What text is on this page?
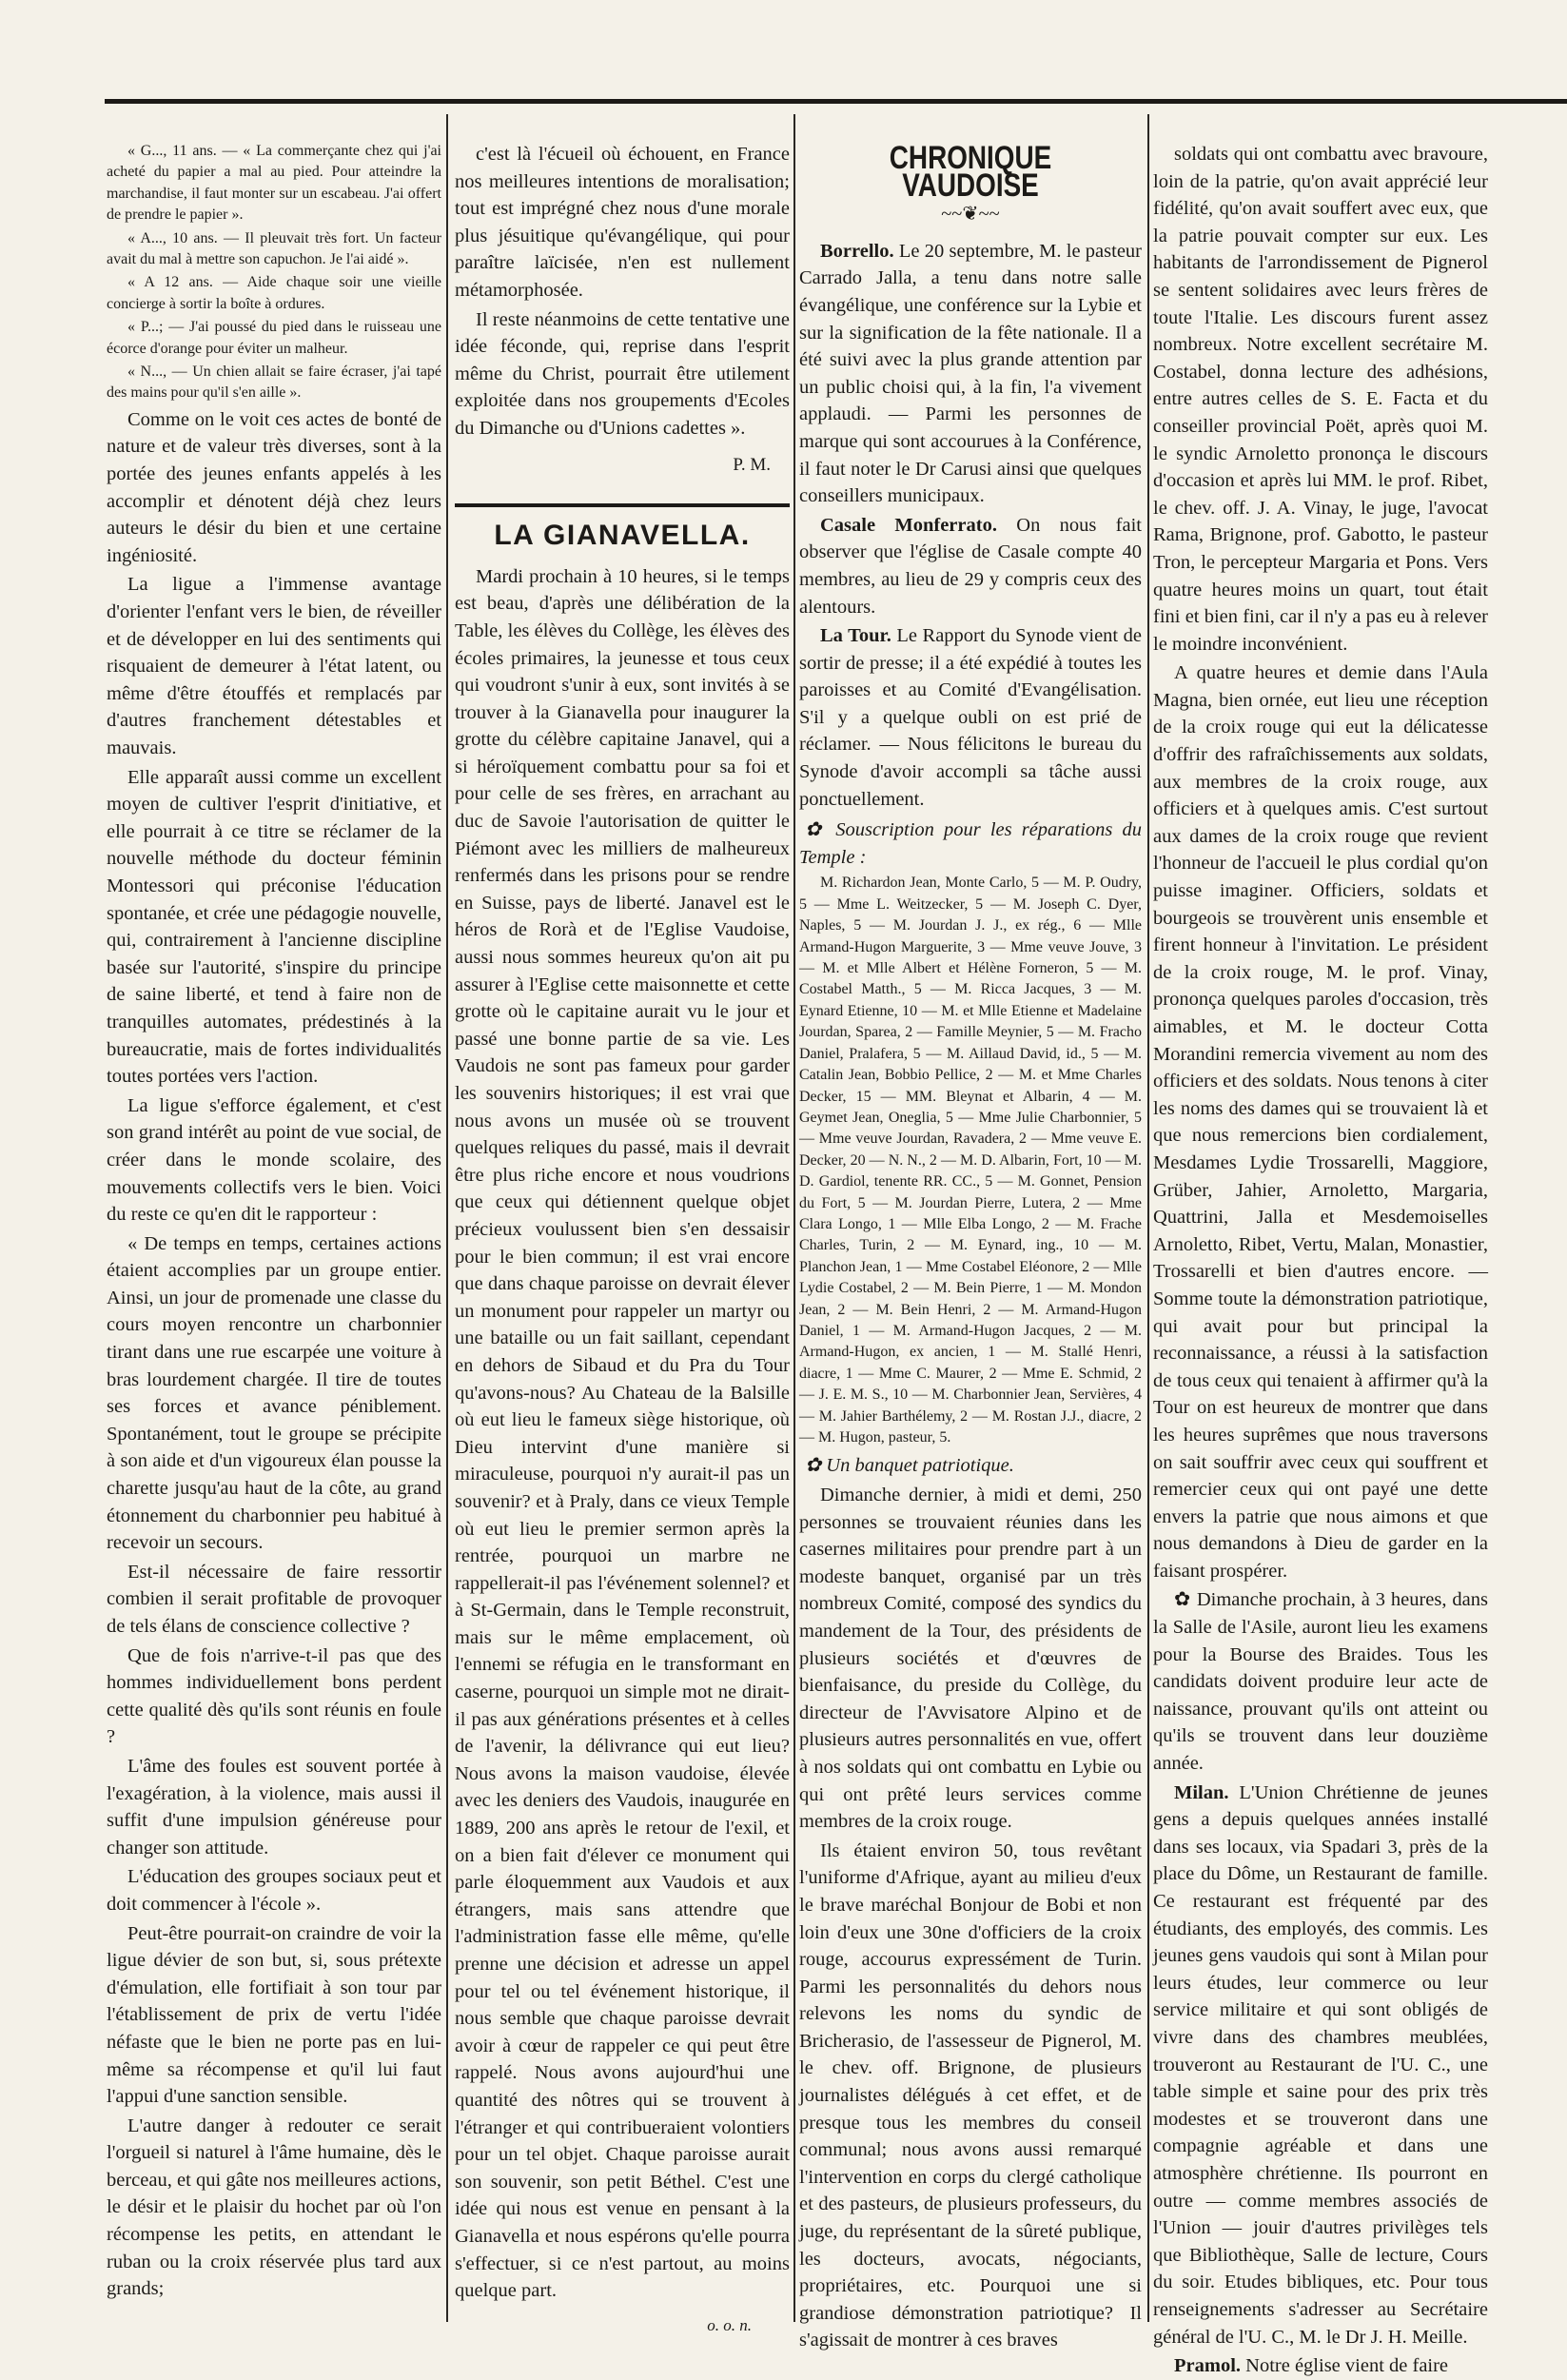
« G..., 11 ans. — « La commerçante chez qui j'ai acheté du papier a mal au pied. Pour atteindre la marchandise, il faut monter sur un escabeau. J'ai offert de prendre le papier ».

« A..., 10 ans. — Il pleuvait très fort. Un facteur avait du mal à mettre son capuchon. Je l'ai aidé ».

« A 12 ans. — Aide chaque soir une vieille concierge à sortir la boîte à ordures.

« P...; — J'ai poussé du pied dans le ruisseau une écorce d'orange pour éviter un malheur.

« N..., — Un chien allait se faire écraser, j'ai tapé des mains pour qu'il s'en aille ».

Comme on le voit ces actes de bonté de nature et de valeur très diverses, sont à la portée des jeunes enfants appelés à les accomplir et dénotent déjà chez leurs auteurs le désir du bien et une certaine ingéniosité.

La ligue a l'immense avantage d'orienter l'enfant vers le bien, de réveiller et de développer en lui des sentiments qui risquaient de demeurer à l'état latent, ou même d'être étouffés et remplacés par d'autres franchement détestables et mauvais.

Elle apparaît aussi comme un excellent moyen de cultiver l'esprit d'initiative, et elle pourrait à ce titre se réclamer de la nouvelle méthode du docteur féminin Montessori qui préconise l'éducation spontanée, et crée une pédagogie nouvelle, qui, contrairement à l'ancienne discipline basée sur l'autorité, s'inspire du principe de saine liberté, et tend à faire non de tranquilles automates, prédestinés à la bureaucratie, mais de fortes individualités toutes portées vers l'action.

La ligue s'efforce également, et c'est son grand intérêt au point de vue social, de créer dans le monde scolaire, des mouvements collectifs vers le bien. Voici du reste ce qu'en dit le rapporteur :

« De temps en temps, certaines actions étaient accomplies par un groupe entier. Ainsi, un jour de promenade une classe du cours moyen rencontre un charbonnier tirant dans une rue escarpée une voiture à bras lourdement chargée. Il tire de toutes ses forces et avance péniblement. Spontanément, tout le groupe se précipite à son aide et d'un vigoureux élan pousse la charette jusqu'au haut de la côte, au grand étonnement du charbonnier peu habitué à recevoir un secours.

Est-il nécessaire de faire ressortir combien il serait profitable de provoquer de tels élans de conscience collective ?

Que de fois n'arrive-t-il pas que des hommes individuellement bons perdent cette qualité dès qu'ils sont réunis en foule ?

L'âme des foules est souvent portée à l'exagération, à la violence, mais aussi il suffit d'une impulsion généreuse pour changer son attitude.

L'éducation des groupes sociaux peut et doit commencer à l'école ».

Peut-être pourrait-on craindre de voir la ligue dévier de son but, si, sous prétexte d'émulation, elle fortifiait à son tour par l'établissement de prix de vertu l'idée néfaste que le bien ne porte pas en lui-même sa récompense et qu'il lui faut l'appui d'une sanction sensible.

L'autre danger à redouter ce serait l'orgueil si naturel à l'âme humaine, dès le berceau, et qui gâte nos meilleures actions, le désir et le plaisir du hochet par où l'on récompense les petits, en attendant le ruban ou la croix réservée plus tard aux grands;

c'est là l'écueil où échouent, en France nos meilleures intentions de moralisation; tout est imprégné chez nous d'une morale plus jésuitique qu'évangélique, qui pour paraître laïcisée, n'en est nullement métamorphosée.

Il reste néanmoins de cette tentative une idée féconde, qui, reprise dans l'esprit même du Christ, pourrait être utilement exploitée dans nos groupements d'Ecoles du Dimanche ou d'Unions cadettes ».

P. M.

LA GIANAVELLA.

Mardi prochain à 10 heures, si le temps est beau, d'après une délibération de la Table, les élèves du Collège, les élèves des écoles primaires, la jeunesse et tous ceux qui voudront s'unir à eux, sont invités à se trouver à la Gianavella pour inaugurer la grotte du célèbre capitaine Janavel, qui a si héroïquement combattu pour sa foi et pour celle de ses frères, en arrachant au duc de Savoie l'autorisation de quitter le Piémont avec les milliers de malheureux renfermés dans les prisons pour se rendre en Suisse, pays de liberté. Janavel est le héros de Rorà et de l'Eglise Vaudoise, aussi nous sommes heureux qu'on ait pu assurer à l'Eglise cette maisonnette et cette grotte où le capitaine aurait vu le jour et passé une bonne partie de sa vie. Les Vaudois ne sont pas fameux pour garder les souvenirs historiques; il est vrai que nous avons un musée où se trouvent quelques reliques du passé, mais il devrait être plus riche encore et nous voudrions que ceux qui détiennent quelque objet précieux voulussent bien s'en dessaisir pour le bien commun; il est vrai encore que dans chaque paroisse on devrait élever un monument pour rappeler un martyr ou une bataille ou un fait saillant, cependant en dehors de Sibaud et du Pra du Tour qu'avons-nous? Au Chateau de la Balsille où eut lieu le fameux siège historique, où Dieu intervint d'une manière si miraculeuse, pourquoi n'y aurait-il pas un souvenir? et à Praly, dans ce vieux Temple où eut lieu le premier sermon après la rentrée, pourquoi un marbre ne rappellerait-il pas l'événement solennel? et à St-Germain, dans le Temple reconstruit, mais sur le même emplacement, où l'ennemi se réfugia en le transformant en caserne, pourquoi un simple mot ne dirait-il pas aux générations présentes et à celles de l'avenir, la délivrance qui eut lieu? Nous avons la maison vaudoise, élevée avec les deniers des Vaudois, inaugurée en 1889, 200 ans après le retour de l'exil, et on a bien fait d'élever ce monument qui parle éloquemment aux Vaudois et aux étrangers, mais sans attendre que l'administration fasse elle même, qu'elle prenne une décision et adresse un appel pour tel ou tel événement historique, il nous semble que chaque paroisse devrait avoir à cœur de rappeler ce qui peut être rappelé. Nous avons aujourd'hui une quantité des nôtres qui se trouvent à l'étranger et qui contribueraient volontiers pour un tel objet. Chaque paroisse aurait son souvenir, son petit Béthel. C'est une idée qui nous est venue en pensant à la Gianavella et nous espérons qu'elle pourra s'effectuer, si ce n'est partout, au moins quelque part.

o. o. n.

CHRONIQUE VAUDOISE
~~❦~~

Borrello. Le 20 septembre, M. le pasteur Carrado Jalla, a tenu dans notre salle évangélique, une conférence sur la Lybie et sur la signification de la fête nationale. Il a été suivi avec la plus grande attention par un public choisi qui, à la fin, l'a vivement applaudi. — Parmi les personnes de marque qui sont accourues à la Conférence, il faut noter le Dr Carusi ainsi que quelques conseillers municipaux.

Casale Monferrato. On nous fait observer que l'église de Casale compte 40 membres, au lieu de 29 y compris ceux des alentours.

La Tour. Le Rapport du Synode vient de sortir de presse; il a été expédié à toutes les paroisses et au Comité d'Evangélisation. S'il y a quelque oubli on est prié de réclamer. — Nous félicitons le bureau du Synode d'avoir accompli sa tâche aussi ponctuellement.

✿ Souscription pour les réparations du Temple :

M. Richardon Jean, Monte Carlo, 5 — M. P. Oudry, 5 — Mme L. Weitzecker, 5 — M. Joseph C. Dyer, Naples, 5 — M. Jourdan J. J., ex rég., 6 — Mlle Armand-Hugon Marguerite, 3 — Mme veuve Jouve, 3 — M. et Mlle Albert et Hélène Forneron, 5 — M. Costabel Matth., 5 — M. Ricca Jacques, 3 — M. Eynard Etienne, 10 — M. et Mlle Etienne et Madelaine Jourdan, Sparea, 2 — Famille Meynier, 5 — M. Fracho Daniel, Pralafera, 5 — M. Aillaud David, id., 5 — M. Catalin Jean, Bobbio Pellice, 2 — M. et Mme Charles Decker, 15 — MM. Bleynat et Albarin, 4 — M. Geymet Jean, Oneglia, 5 — Mme Julie Charbonnier, 5 — Mme veuve Jourdan, Ravadera, 2 — Mme veuve E. Decker, 20 — N. N., 2 — M. D. Albarin, Fort, 10 — M. D. Gardiol, tenente RR. CC., 5 — M. Gonnet, Pension du Fort, 5 — M. Jourdan Pierre, Lutera, 2 — Mme Clara Longo, 1 — Mlle Elba Longo, 2 — M. Frache Charles, Turin, 2 — M. Eynard, ing., 10 — M. Planchon Jean, 1 — Mme Costabel Eléonore, 2 — Mlle Lydie Costabel, 2 — M. Bein Pierre, 1 — M. Mondon Jean, 2 — M. Bein Henri, 2 — M. Armand-Hugon Daniel, 1 — M. Armand-Hugon Jacques, 2 — M. Armand-Hugon, ex ancien, 1 — M. Stallé Henri, diacre, 1 — Mme C. Maurer, 2 — Mme E. Schmid, 2 — J. E. M. S., 10 — M. Charbonnier Jean, Servières, 4 — M. Jahier Barthélemy, 2 — M. Rostan J.J., diacre, 2 — M. Hugon, pasteur, 5.

✿ Un banquet patriotique.

Dimanche dernier, à midi et demi, 250 personnes se trouvaient réunies dans les casernes militaires pour prendre part à un modeste banquet, organisé par un très nombreux Comité, composé des syndics du mandement de la Tour, des présidents de plusieurs sociétés et d'œuvres de bienfaisance, du preside du Collège, du directeur de l'Avvisatore Alpino et de plusieurs autres personnalités en vue, offert à nos soldats qui ont combattu en Lybie ou qui ont prêté leurs services comme membres de la croix rouge.

Ils étaient environ 50, tous revêtant l'uniforme d'Afrique, ayant au milieu d'eux le brave maréchal Bonjour de Bobi et non loin d'eux une 30ne d'officiers de la croix rouge, accourus expressément de Turin. Parmi les personnalités du dehors nous relevons les noms du syndic de Bricherasio, de l'assesseur de Pignerol, M. le chev. off. Brignone, de plusieurs journalistes délégués à cet effet, et de presque tous les membres du conseil communal; nous avons aussi remarqué l'intervention en corps du clergé catholique et des pasteurs, de plusieurs professeurs, du juge, du représentant de la sûreté publique, les docteurs, avocats, négociants, propriétaires, etc. Pourquoi une si grandiose démonstration patriotique? Il s'agissait de montrer à ces braves

soldats qui ont combattu avec bravoure, loin de la patrie, qu'on avait apprécié leur fidélité, qu'on avait souffert avec eux, que la patrie pouvait compter sur eux. Les habitants de l'arrondissement de Pignerol se sentent solidaires avec leurs frères de toute l'Italie. Les discours furent assez nombreux. Notre excellent secrétaire M. Costabel, donna lecture des adhésions, entre autres celles de S. E. Facta et du conseiller provincial Poët, après quoi M. le syndic Arnoletto prononça le discours d'occasion et après lui MM. le prof. Ribet, le chev. off. J. A. Vinay, le juge, l'avocat Rama, Brignone, prof. Gabotto, le pasteur Tron, le percepteur Margaria et Pons. Vers quatre heures moins un quart, tout était fini et bien fini, car il n'y a pas eu à relever le moindre inconvénient.

A quatre heures et demie dans l'Aula Magna, bien ornée, eut lieu une réception de la croix rouge qui eut la délicatesse d'offrir des rafraîchissements aux soldats, aux membres de la croix rouge, aux officiers et à quelques amis. C'est surtout aux dames de la croix rouge que revient l'honneur de l'accueil le plus cordial qu'on puisse imaginer. Officiers, soldats et bourgeois se trouvèrent unis ensemble et firent honneur à l'invitation. Le président de la croix rouge, M. le prof. Vinay, prononça quelques paroles d'occasion, très aimables, et M. le docteur Cotta Morandini remercia vivement au nom des officiers et des soldats. Nous tenons à citer les noms des dames qui se trouvaient là et que nous remercions bien cordialement, Mesdames Lydie Trossarelli, Maggiore, Grüber, Jahier, Arnoletto, Margaria, Quattrini, Jalla et Mesdemoiselles Arnoletto, Ribet, Vertu, Malan, Monastier, Trossarelli et bien d'autres encore. — Somme toute la démonstration patriotique, qui avait pour but principal la reconnaissance, a réussi à la satisfaction de tous ceux qui tenaient à affirmer qu'à la Tour on est heureux de montrer que dans les heures suprêmes que nous traversons on sait souffrir avec ceux qui souffrent et remercier ceux qui ont payé une dette envers la patrie que nous aimons et que nous demandons à Dieu de garder en la faisant prospérer.

✿ Dimanche prochain, à 3 heures, dans la Salle de l'Asile, auront lieu les examens pour la Bourse des Braides. Tous les candidats doivent produire leur acte de naissance, prouvant qu'ils ont atteint ou qu'ils se trouvent dans leur douzième année.

Milan. L'Union Chrétienne de jeunes gens a depuis quelques années installé dans ses locaux, via Spadari 3, près de la place du Dôme, un Restaurant de famille. Ce restaurant est fréquenté par des étudiants, des employés, des commis. Les jeunes gens vaudois qui sont à Milan pour leurs études, leur commerce ou leur service militaire et qui sont obligés de vivre dans des chambres meublées, trouveront au Restaurant de l'U. C., une table simple et saine pour des prix très modestes et se trouveront dans une compagnie agréable et dans une atmosphère chrétienne. Ils pourront en outre — comme membres associés de l'Union — jouir d'autres privilèges tels que Bibliothèque, Salle de lecture, Cours du soir. Etudes bibliques, etc. Pour tous renseignements s'adresser au Secrétaire général de l'U. C., M. le Dr J. H. Meille.

Pramol. Notre église vient de faire
